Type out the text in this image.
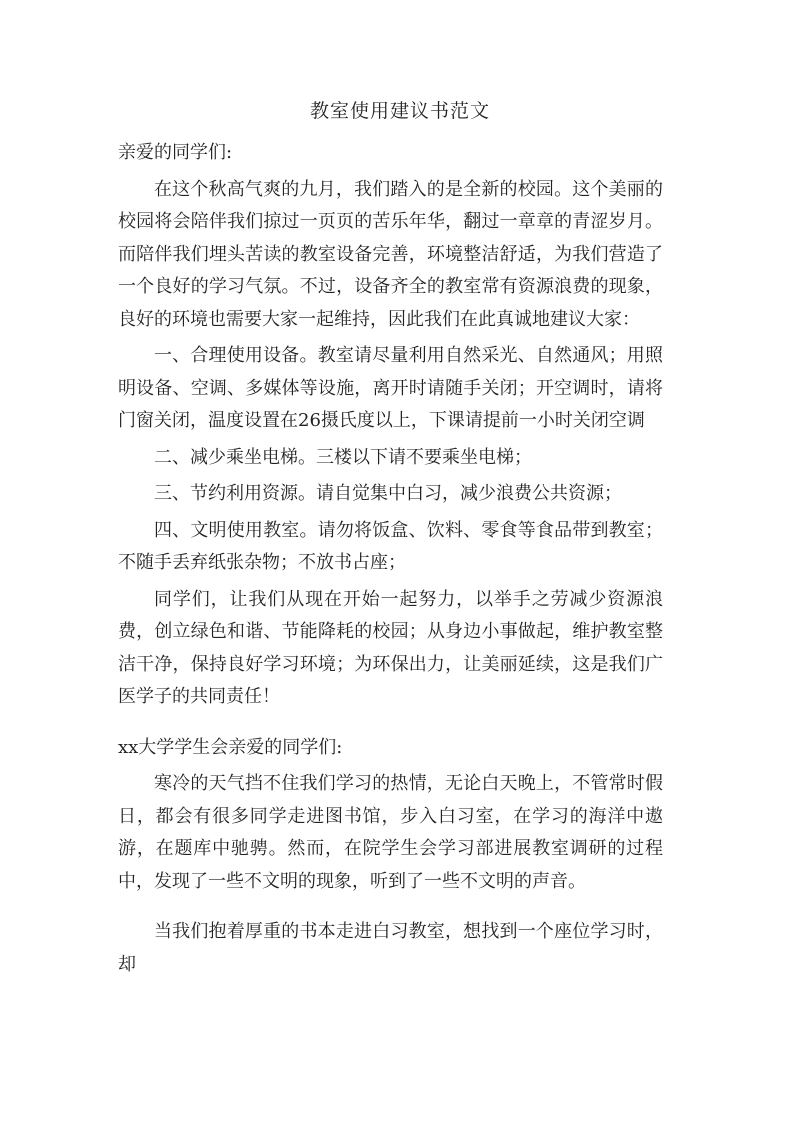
教室使用建议书范文

亲爱的同学们:

在这个秋高气爽的九月，我们踏入的是全新的校园。这个美丽的校园将会陪伴我们掠过一页页的苦乐年华，翻过一章章的青涩岁月。而陪伴我们埋头苦读的教室设备完善，环境整洁舒适，为我们营造了一个良好的学习气氛。不过，设备齐全的教室常有资源浪费的现象，良好的环境也需要大家一起维持，因此我们在此真诚地建议大家：

一、合理使用设备。教室请尽量利用自然采光、自然通风；用照明设备、空调、多媒体等设施，离开时请随手关闭；开空调时，请将门窗关闭，温度设置在26摄氏度以上，下课请提前一小时关闭空调

二、减少乘坐电梯。三楼以下请不要乘坐电梯；

三、节约利用资源。请自觉集中白习，减少浪费公共资源；

四、文明使用教室。请勿将饭盒、饮料、零食等食品带到教室；不随手丢弃纸张杂物；不放书占座；

同学们，让我们从现在开始一起努力，以举手之劳减少资源浪费，创立绿色和谐、节能降耗的校园；从身边小事做起，维护教室整洁干净，保持良好学习环境；为环保出力，让美丽延续，这是我们广医学子的共同责任！

xx大学学生会亲爱的同学们:

寒冷的天气挡不住我们学习的热情，无论白天晚上，不管常时假日，都会有很多同学走进图书馆，步入白习室，在学习的海洋中遨游，在题库中驰骋。然而，在院学生会学习部进展教室调研的过程中，发现了一些不文明的现象，听到了一些不文明的声音。

当我们抱着厚重的书本走进白习教室，想找到一个座位学习时，却
